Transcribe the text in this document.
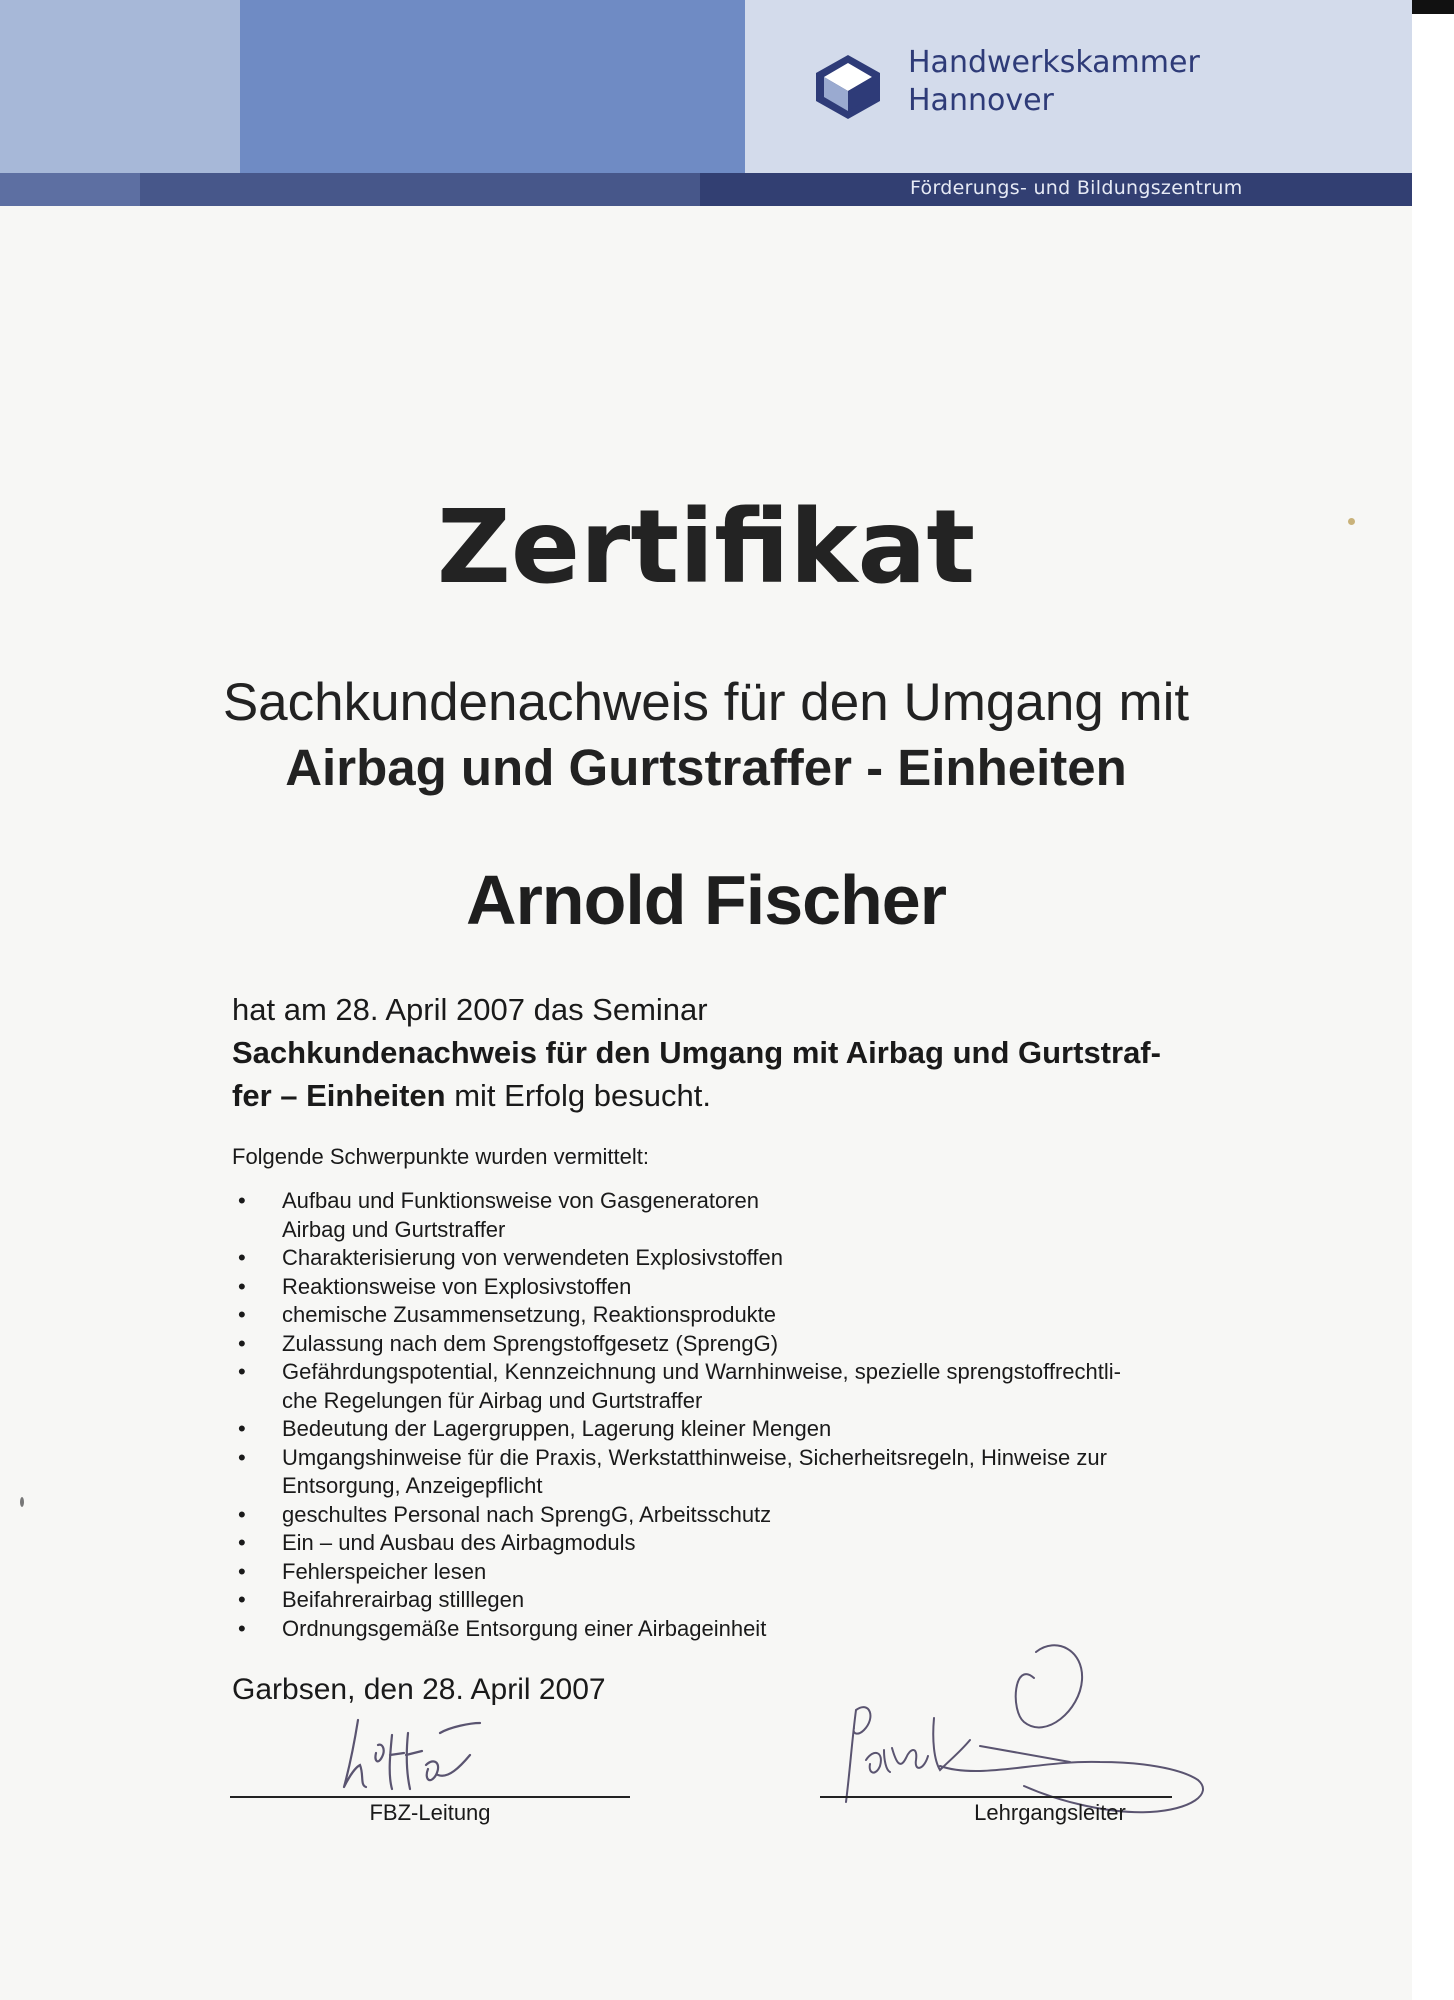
Handwerkskammer
Hannover
Förderungs- und Bildungszentrum
Zertifikat
Sachkundenachweis für den Umgang mit
Airbag und Gurtstraffer - Einheiten
Arnold Fischer
hat am 28. April 2007 das Seminar
Sachkundenachweis für den Umgang mit Airbag und Gurtstraf-
fer – Einheiten mit Erfolg besucht.
Folgende Schwerpunkte wurden vermittelt:
• Aufbau und Funktionsweise von Gasgeneratoren
Airbag und Gurtstraffer
• Charakterisierung von verwendeten Explosivstoffen
• Reaktionsweise von Explosivstoffen
• chemische Zusammensetzung, Reaktionsprodukte
• Zulassung nach dem Sprengstoffgesetz (SprengG)
• Gefährdungspotential, Kennzeichnung und Warnhinweise, spezielle sprengstoffrechtli-
che Regelungen für Airbag und Gurtstraffer
• Bedeutung der Lagergruppen, Lagerung kleiner Mengen
• Umgangshinweise für die Praxis, Werkstatthinweise, Sicherheitsregeln, Hinweise zur
Entsorgung, Anzeigepflicht
• geschultes Personal nach SprengG, Arbeitsschutz
• Ein – und Ausbau des Airbagmoduls
• Fehlerspeicher lesen
• Beifahrerairbag stilllegen
• Ordnungsgemäße Entsorgung einer Airbageinheit
Garbsen, den 28. April 2007
FBZ-Leitung	Lehrgangsleiter
